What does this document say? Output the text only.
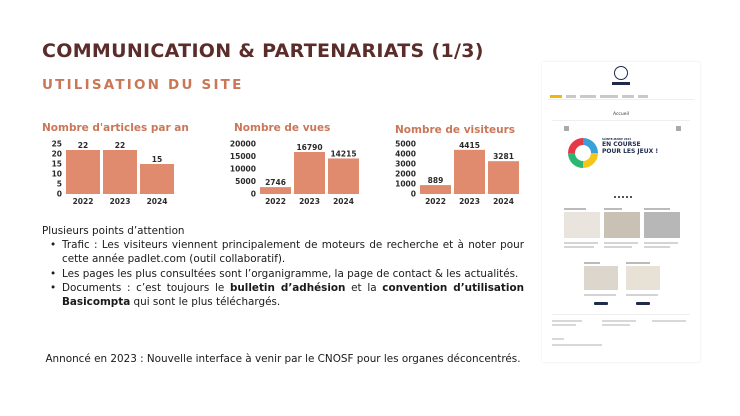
COMMUNICATION & PARTENARIATS (1/3)
UTILISATION DU SITE
Nombre d'articles par an
25
20
15
10
5
0
22
2022
22
2023
15
2024
Nombre de vues
20000
15000
10000
5000
0
2746
2022
16790
2023
14215
2024
Nombre de visiteurs
5000
4000
3000
2000
1000
0
889
2022
4415
2023
3281
2024
Plusieurs points d’attention
• Trafic : Les visiteurs viennent principalement de moteurs de recherche et à noter pour cette année padlet.com (outil collaboratif).
• Les pages les plus consultées sont l’organigramme, la page de contact & les actualités.
• Documents : c’est toujours le bulletin d’adhésion et la convention d’utilisation Basicompta qui sont le plus téléchargés.
Annoncé en 2023 : Nouvelle interface à venir par le CNOSF pour les organes déconcentrés.
Accueil
SAINTE-MARIE 2024
EN COURSE
POUR LES JEUX !
